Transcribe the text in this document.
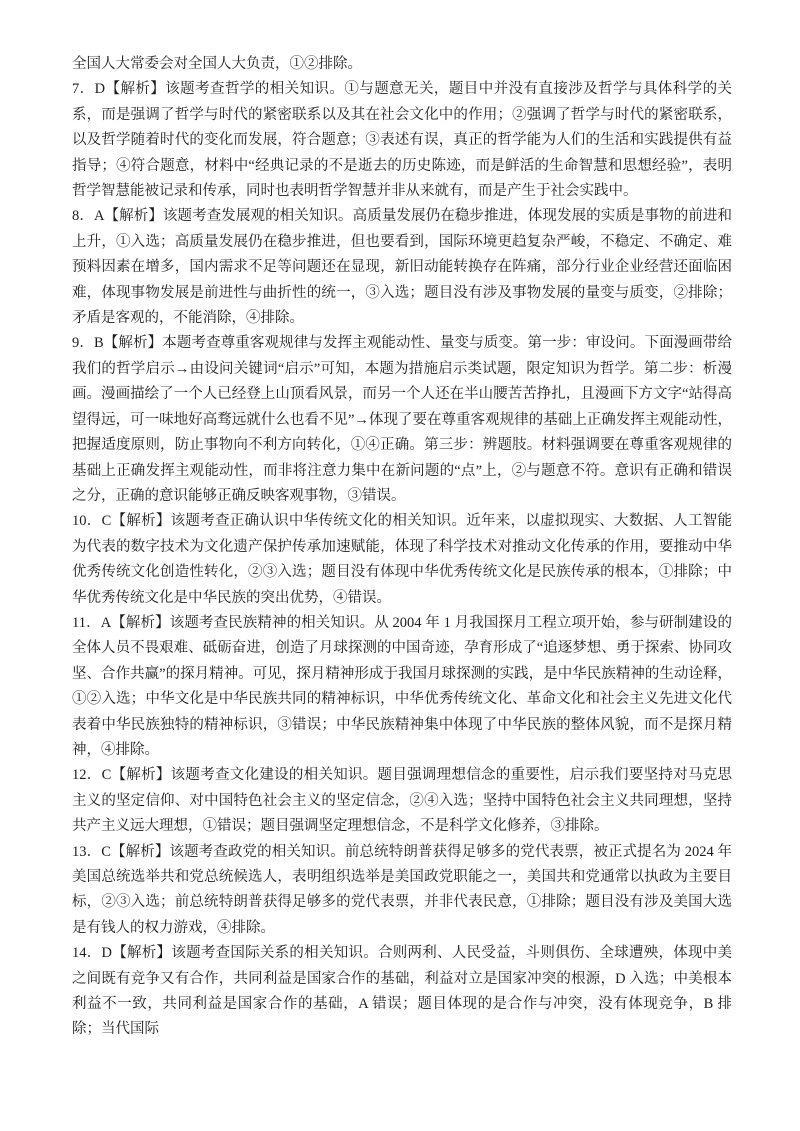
全国人大常委会对全国人大负责，①②排除。

7．D【解析】该题考查哲学的相关知识。①与题意无关，题目中并没有直接涉及哲学与具体科学的关系，而是强调了哲学与时代的紧密联系以及其在社会文化中的作用；②强调了哲学与时代的紧密联系，以及哲学随着时代的变化而发展，符合题意；③表述有误，真正的哲学能为人们的生活和实践提供有益指导；④符合题意，材料中“经典记录的不是逝去的历史陈迹，而是鲜活的生命智慧和思想经验”，表明哲学智慧能被记录和传承，同时也表明哲学智慧并非从来就有，而是产生于社会实践中。

8．A【解析】该题考查发展观的相关知识。高质量发展仍在稳步推进，体现发展的实质是事物的前进和上升，①入选；高质量发展仍在稳步推进，但也要看到，国际环境更趋复杂严峻，不稳定、不确定、难预料因素在增多，国内需求不足等问题还在显现，新旧动能转换存在阵痛，部分行业企业经营还面临困难，体现事物发展是前进性与曲折性的统一，③入选；题目没有涉及事物发展的量变与质变，②排除；矛盾是客观的，不能消除，④排除。

9．B【解析】本题考查尊重客观规律与发挥主观能动性、量变与质变。第一步：审设问。下面漫画带给我们的哲学启示→由设问关键词“启示”可知，本题为措施启示类试题，限定知识为哲学。第二步：析漫画。漫画描绘了一个人已经登上山顶看风景，而另一个人还在半山腰苦苦挣扎，且漫画下方文字“站得高望得远，可一味地好高骛远就什么也看不见”→体现了要在尊重客观规律的基础上正确发挥主观能动性，把握适度原则，防止事物向不利方向转化，①④正确。第三步：辨题肢。材料强调要在尊重客观规律的基础上正确发挥主观能动性，而非将注意力集中在新问题的“点”上，②与题意不符。意识有正确和错误之分，正确的意识能够正确反映客观事物，③错误。

10．C【解析】该题考查正确认识中华传统文化的相关知识。近年来，以虚拟现实、大数据、人工智能为代表的数字技术为文化遗产保护传承加速赋能，体现了科学技术对推动文化传承的作用，要推动中华优秀传统文化创造性转化，②③入选；题目没有体现中华优秀传统文化是民族传承的根本，①排除；中华优秀传统文化是中华民族的突出优势，④错误。

11．A【解析】该题考查民族精神的相关知识。从 2004 年 1 月我国探月工程立项开始，参与研制建设的全体人员不畏艰难、砥砺奋进，创造了月球探测的中国奇迹，孕育形成了“追逐梦想、勇于探索、协同攻坚、合作共赢”的探月精神。可见，探月精神形成于我国月球探测的实践，是中华民族精神的生动诠释，①②入选；中华文化是中华民族共同的精神标识，中华优秀传统文化、革命文化和社会主义先进文化代表着中华民族独特的精神标识，③错误；中华民族精神集中体现了中华民族的整体风貌，而不是探月精神，④排除。

12．C【解析】该题考查文化建设的相关知识。题目强调理想信念的重要性，启示我们要坚持对马克思主义的坚定信仰、对中国特色社会主义的坚定信念，②④入选；坚持中国特色社会主义共同理想，坚持共产主义远大理想，①错误；题目强调坚定理想信念，不是科学文化修养，③排除。

13．C【解析】该题考查政党的相关知识。前总统特朗普获得足够多的党代表票，被正式提名为 2024 年美国总统选举共和党总统候选人，表明组织选举是美国政党职能之一，美国共和党通常以执政为主要目标，②③入选；前总统特朗普获得足够多的党代表票，并非代表民意，①排除；题目没有涉及美国大选是有钱人的权力游戏，④排除。

14．D【解析】该题考查国际关系的相关知识。合则两利、人民受益，斗则俱伤、全球遭殃，体现中美之间既有竞争又有合作，共同利益是国家合作的基础，利益对立是国家冲突的根源，D 入选；中美根本利益不一致，共同利益是国家合作的基础，A 错误；题目体现的是合作与冲突，没有体现竞争，B 排除；当代国际
